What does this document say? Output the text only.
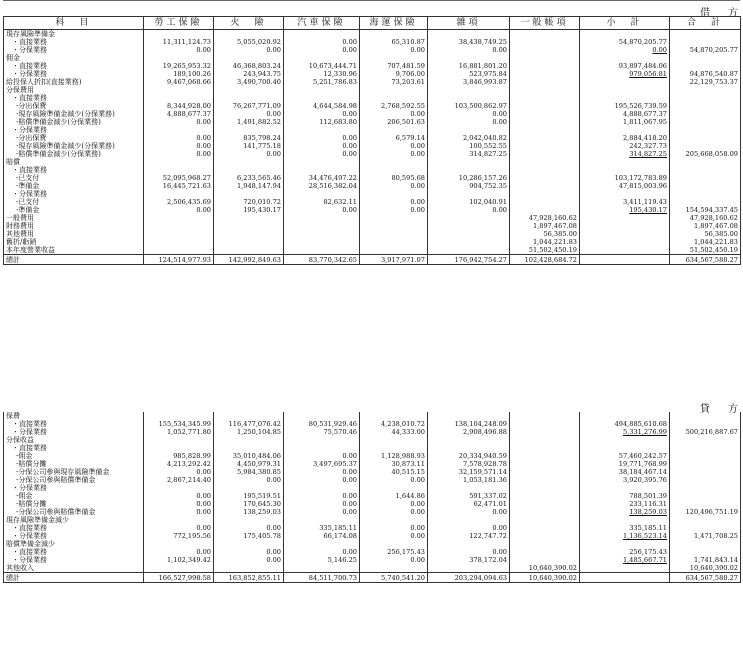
借　方
科　目	勞工保險	火　險	汽車保險	海運保險	雜項	一般帳項	小　計	合　計
現存風險準備金								
・直接業務	11,311,124.73	5,055,020.92	0.00	65,310.87	38,438,749.25		54,870,205.77	
・分保業務	0.00	0.00	0.00	0.00	0.00		0.00	54,870,205.77
佣金								
・直接業務	19,265,953.32	46,368,803.24	10,673,444.71	707,481.59	16,881,801.20		93,897,484.06	
・分保業務	189,100.26	243,943.75	12,330.96	9,706.00	523,975.84		979,056.81	94,876,540.87
給投保人折扣(直接業務)	9,467,068.66	3,490,700.40	5,251,786.83	73,203.61	3,846,993.87			22,129,753.37
分保費用								
・直接業務								
-分出保費	8,344,928.00	76,267,771.09	4,644,584.98	2,768,592.55	103,500,862.97		195,526,739.59	
-現存風險準備金減少(分保業務)	4,888,677.37	0.00	0.00	0.00	0.00		4,888,677.37	
-賠償準備金減少(分保業務)	0.00	1,491,882.52	112,683.80	206,501.63	0.00		1,811,067.95	
・分保業務								
-分出保費	0.00	835,798.24	0.00	6,579.14	2,042,040.82		2,884,418.20	
-現存風險準備金減少(分保業務)	0.00	141,775.18	0.00	0.00	100,552.55		242,327.73	
-賠償準備金減少(分保業務)	0.00	0.00	0.00	0.00	314,827.25		314,827.25	205,668,058.09
賠償								
・直接業務								
-已支付	52,095,968.27	6,233,565.46	34,476,497.22	80,595.68	10,286,157.26		103,172,783.89	
-準備金	16,445,721.63	1,948,147.94	28,516,382.04	0.00	904,752.35		47,815,003.96	
・分保業務								
-已支付	2,506,435.69	720,010.72	82,632.11	0.00	102,040.91		3,411,119.43	
-準備金	0.00	195,430.17	0.00	0.00	0.00		195,430.17	154,594,337.45
一般費用						47,928,160.62		47,928,160.62
財務費用						1,897,467.08		1,897,467.08
其他費用						56,385.00		56,385.00
舊折/虧銷						1,044,221.83		1,044,221.83
本年度營業收益						51,502,450.19		51,502,450.19
總計	124,514,977.93	142,992,849.63	83,770,342.65	3,917,971.07	176,942,754.27	102,428,684.72		634,567,580.27
貸　方
保費								
・直接業務	155,534,345.99	116,477,076.42	80,531,929.46	4,238,010.72	138,104,248.09		494,885,610.68	
・分保業務	1,052,771.80	1,250,104.85	75,570.46	44,333.00	2,908,496.88		5,331,276.99	500,216,887.67
分保收益								
・直接業務								
-佣金	985,828.99	35,010,484.06	0.00	1,128,988.93	20,334,940.59		57,460,242.57	
-賠償分攤	4,213,292.42	4,450,979.31	3,497,695.37	30,873.11	7,578,928.78		19,771,768.99	
-分保公司參與現存風險準備金	0.00	5,984,380.85	0.00	40,515.15	32,159,571.14		38,184,467.14	
-分保公司參與賠償準備金	2,867,214.40	0.00	0.00	0.00	1,053,181.36		3,920,395.76	
・分保業務								
-佣金	0.00	195,519.51	0.00	1,644.86	591,337.02		788,501.39	
-賠償分攤	0.00	170,645.30	0.00	0.00	62,471.01		233,116.31	
-分保公司參與賠償準備金	0.00	138,259.03	0.00	0.00	0.00		138,259.03	120,496,751.19
現存風險準備金減少								
・直接業務	0.00	0.00	335,185.11	0.00	0.00		335,185.11	
・分保業務	772,195.56	175,405.78	66,174.08	0.00	122,747.72		1,136,523.14	1,471,708.25
賠償準備金減少								
・直接業務	0.00	0.00	0.00	256,175.43	0.00		256,175.43	
・分保業務	1,102,349.42	0.00	5,146.25	0.00	378,172.04		1,485,667.71	1,741,843.14
其他收入						10,640,390.02		10,640,390.02
總計	166,527,998.58	163,852,855.11	84,511,700.73	5,740,541.20	203,294,094.63	10,640,390.02		634,567,580.27
